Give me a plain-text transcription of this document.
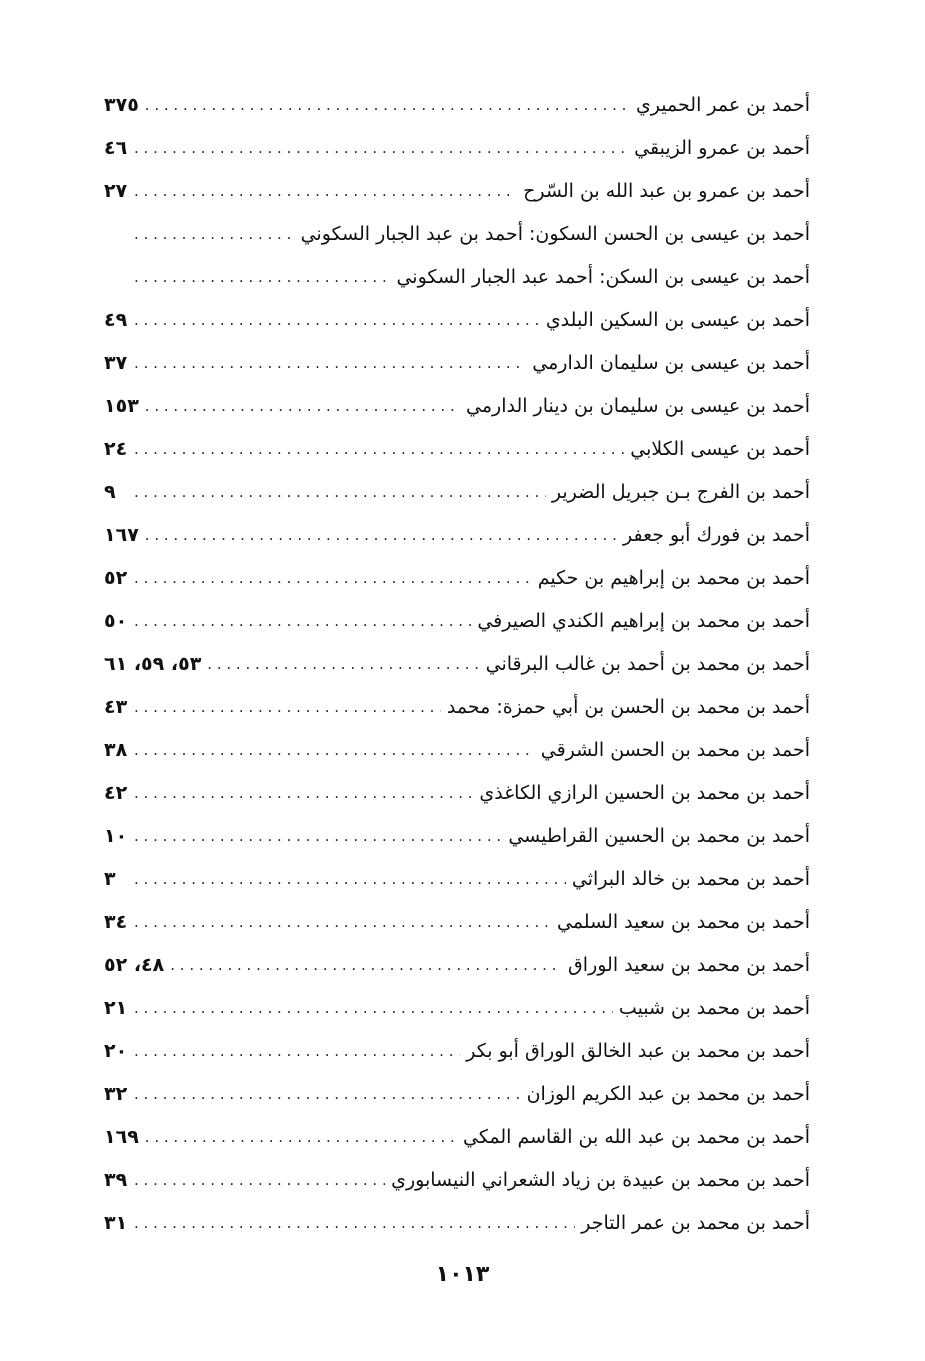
أحمد بن عمر الحميري
. . .
٣٧٥
أحمد بن عمرو الزيبقي
. . .
٤٦
أحمد بن عمرو بن عبد الله بن السّرح
. . .
٢٧
أحمد بن عيسى بن الحسن السكون: أحمد بن عبد الجبار السكوني
. . .
أحمد بن عيسى بن السكن: أحمد عبد الجبار السكوني
. . .
أحمد بن عيسى بن السكين البلدي
. . .
٤٩
أحمد بن عيسى بن سليمان الدارمي
. . .
٣٧
أحمد بن عيسى بن سليمان بن دينار الدارمي
. . .
١٥٣
أحمد بن عيسى الكلابي
. . .
٢٤
أحمد بن الفرج بـن جبريل الضرير
. . .
٩
أحمد بن فورك أبو جعفر
. . .
١٦٧
أحمد بن محمد بن إبراهيم بن حكيم
. . .
٥٢
أحمد بن محمد بن إبراهيم الكندي الصيرفي
. . .
٥٠
أحمد بن محمد بن أحمد بن غالب البرقاني
. . .
٥٣، ٥٩، ٦١
أحمد بن محمد بن الحسن بن أبي حمزة: محمد
. . .
٤٣
أحمد بن محمد بن الحسن الشرقي
. . .
٣٨
أحمد بن محمد بن الحسين الرازي الكاغذي
. . .
٤٢
أحمد بن محمد بن الحسين القراطيسي
. . .
١٠
أحمد بن محمد بن خالد البراثي
. . .
٣
أحمد بن محمد بن سعيد السلمي
. . .
٣٤
أحمد بن محمد بن سعيد الوراق
. . .
٤٨، ٥٢
أحمد بن محمد بن شبيب
. . .
٢١
أحمد بن محمد بن عبد الخالق الوراق أبو بكر
. . .
٢٠
أحمد بن محمد بن عبد الكريم الوزان
. . .
٣٢
أحمد بن محمد بن عبد الله بن القاسم المكي
. . .
١٦٩
أحمد بن محمد بن عبيدة بن زياد الشعراني النيسابوري
. . .
٣٩
أحمد بن محمد بن عمر التاجر
. . .
٣١
١٠١٣
